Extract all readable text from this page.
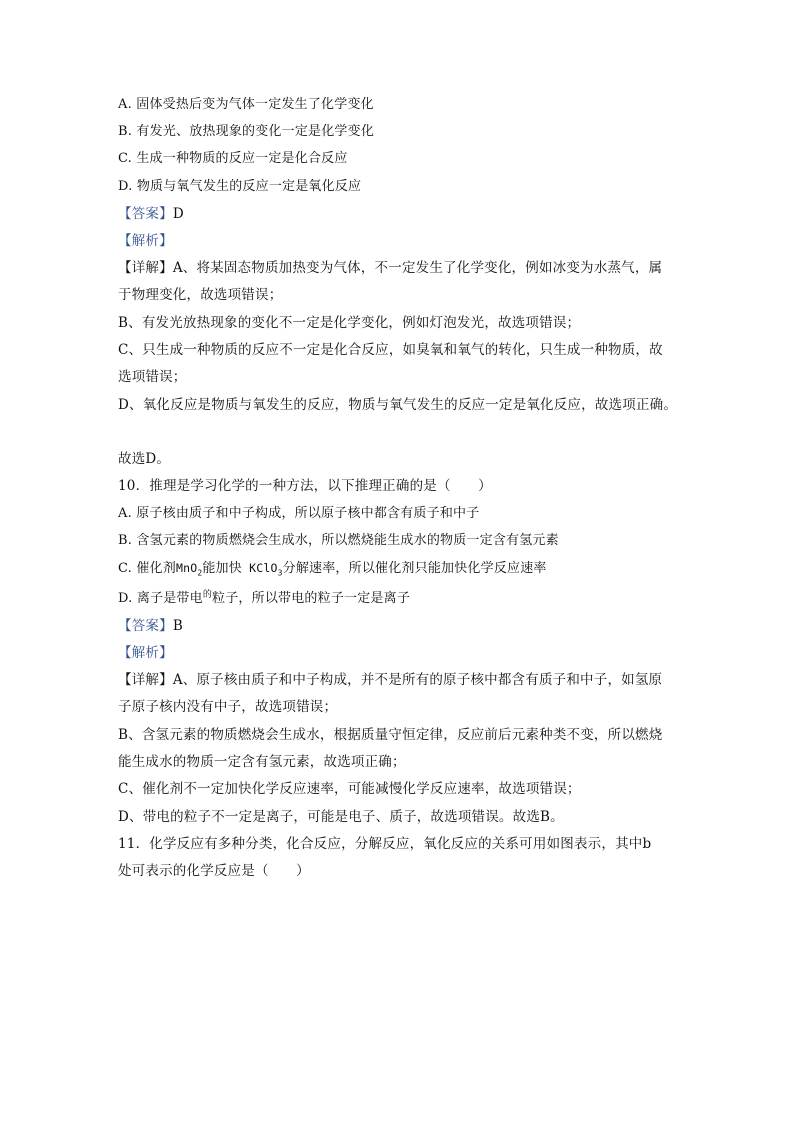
A. 固体受热后变为气体一定发生了化学变化
B. 有发光、放热现象的变化一定是化学变化
C. 生成一种物质的反应一定是化合反应
D. 物质与氧气发生的反应一定是氧化反应
【答案】D
【解析】
【详解】A、将某固态物质加热变为气体，不一定发生了化学变化，例如冰变为水蒸气，属
于物理变化，故选项错误；
B、有发光放热现象的变化不一定是化学变化，例如灯泡发光，故选项错误；
C、只生成一种物质的反应不一定是化合反应，如臭氧和氧气的转化，只生成一种物质，故
选项错误；
D、氧化反应是物质与氧发生的反应，物质与氧气发生的反应一定是氧化反应，故选项正确。
故选D。
10．推理是学习化学的一种方法，以下推理正确的是（　　）
A. 原子核由质子和中子构成，所以原子核中都含有质子和中子
B. 含氢元素的物质燃烧会生成水，所以燃烧能生成水的物质一定含有氢元素
C. 催化剂MnO$_2$能加快 KClO$_3$分解速率，所以催化剂只能加快化学反应速率
D. 离子是带电$^的$粒子，所以带电的粒子一定是离子
【答案】B
【解析】
【详解】A、原子核由质子和中子构成，并不是所有的原子核中都含有质子和中子，如氢原
子原子核内没有中子，故选项错误；
B、含氢元素的物质燃烧会生成水，根据质量守恒定律，反应前后元素种类不变，所以燃烧
能生成水的物质一定含有氢元素，故选项正确；
C、催化剂不一定加快化学反应速率，可能减慢化学反应速率，故选项错误；
D、带电的粒子不一定是离子，可能是电子、质子，故选项错误。故选B。
11．化学反应有多种分类，化合反应，分解反应，氧化反应的关系可用如图表示，其中b
处可表示的化学反应是（　　）
